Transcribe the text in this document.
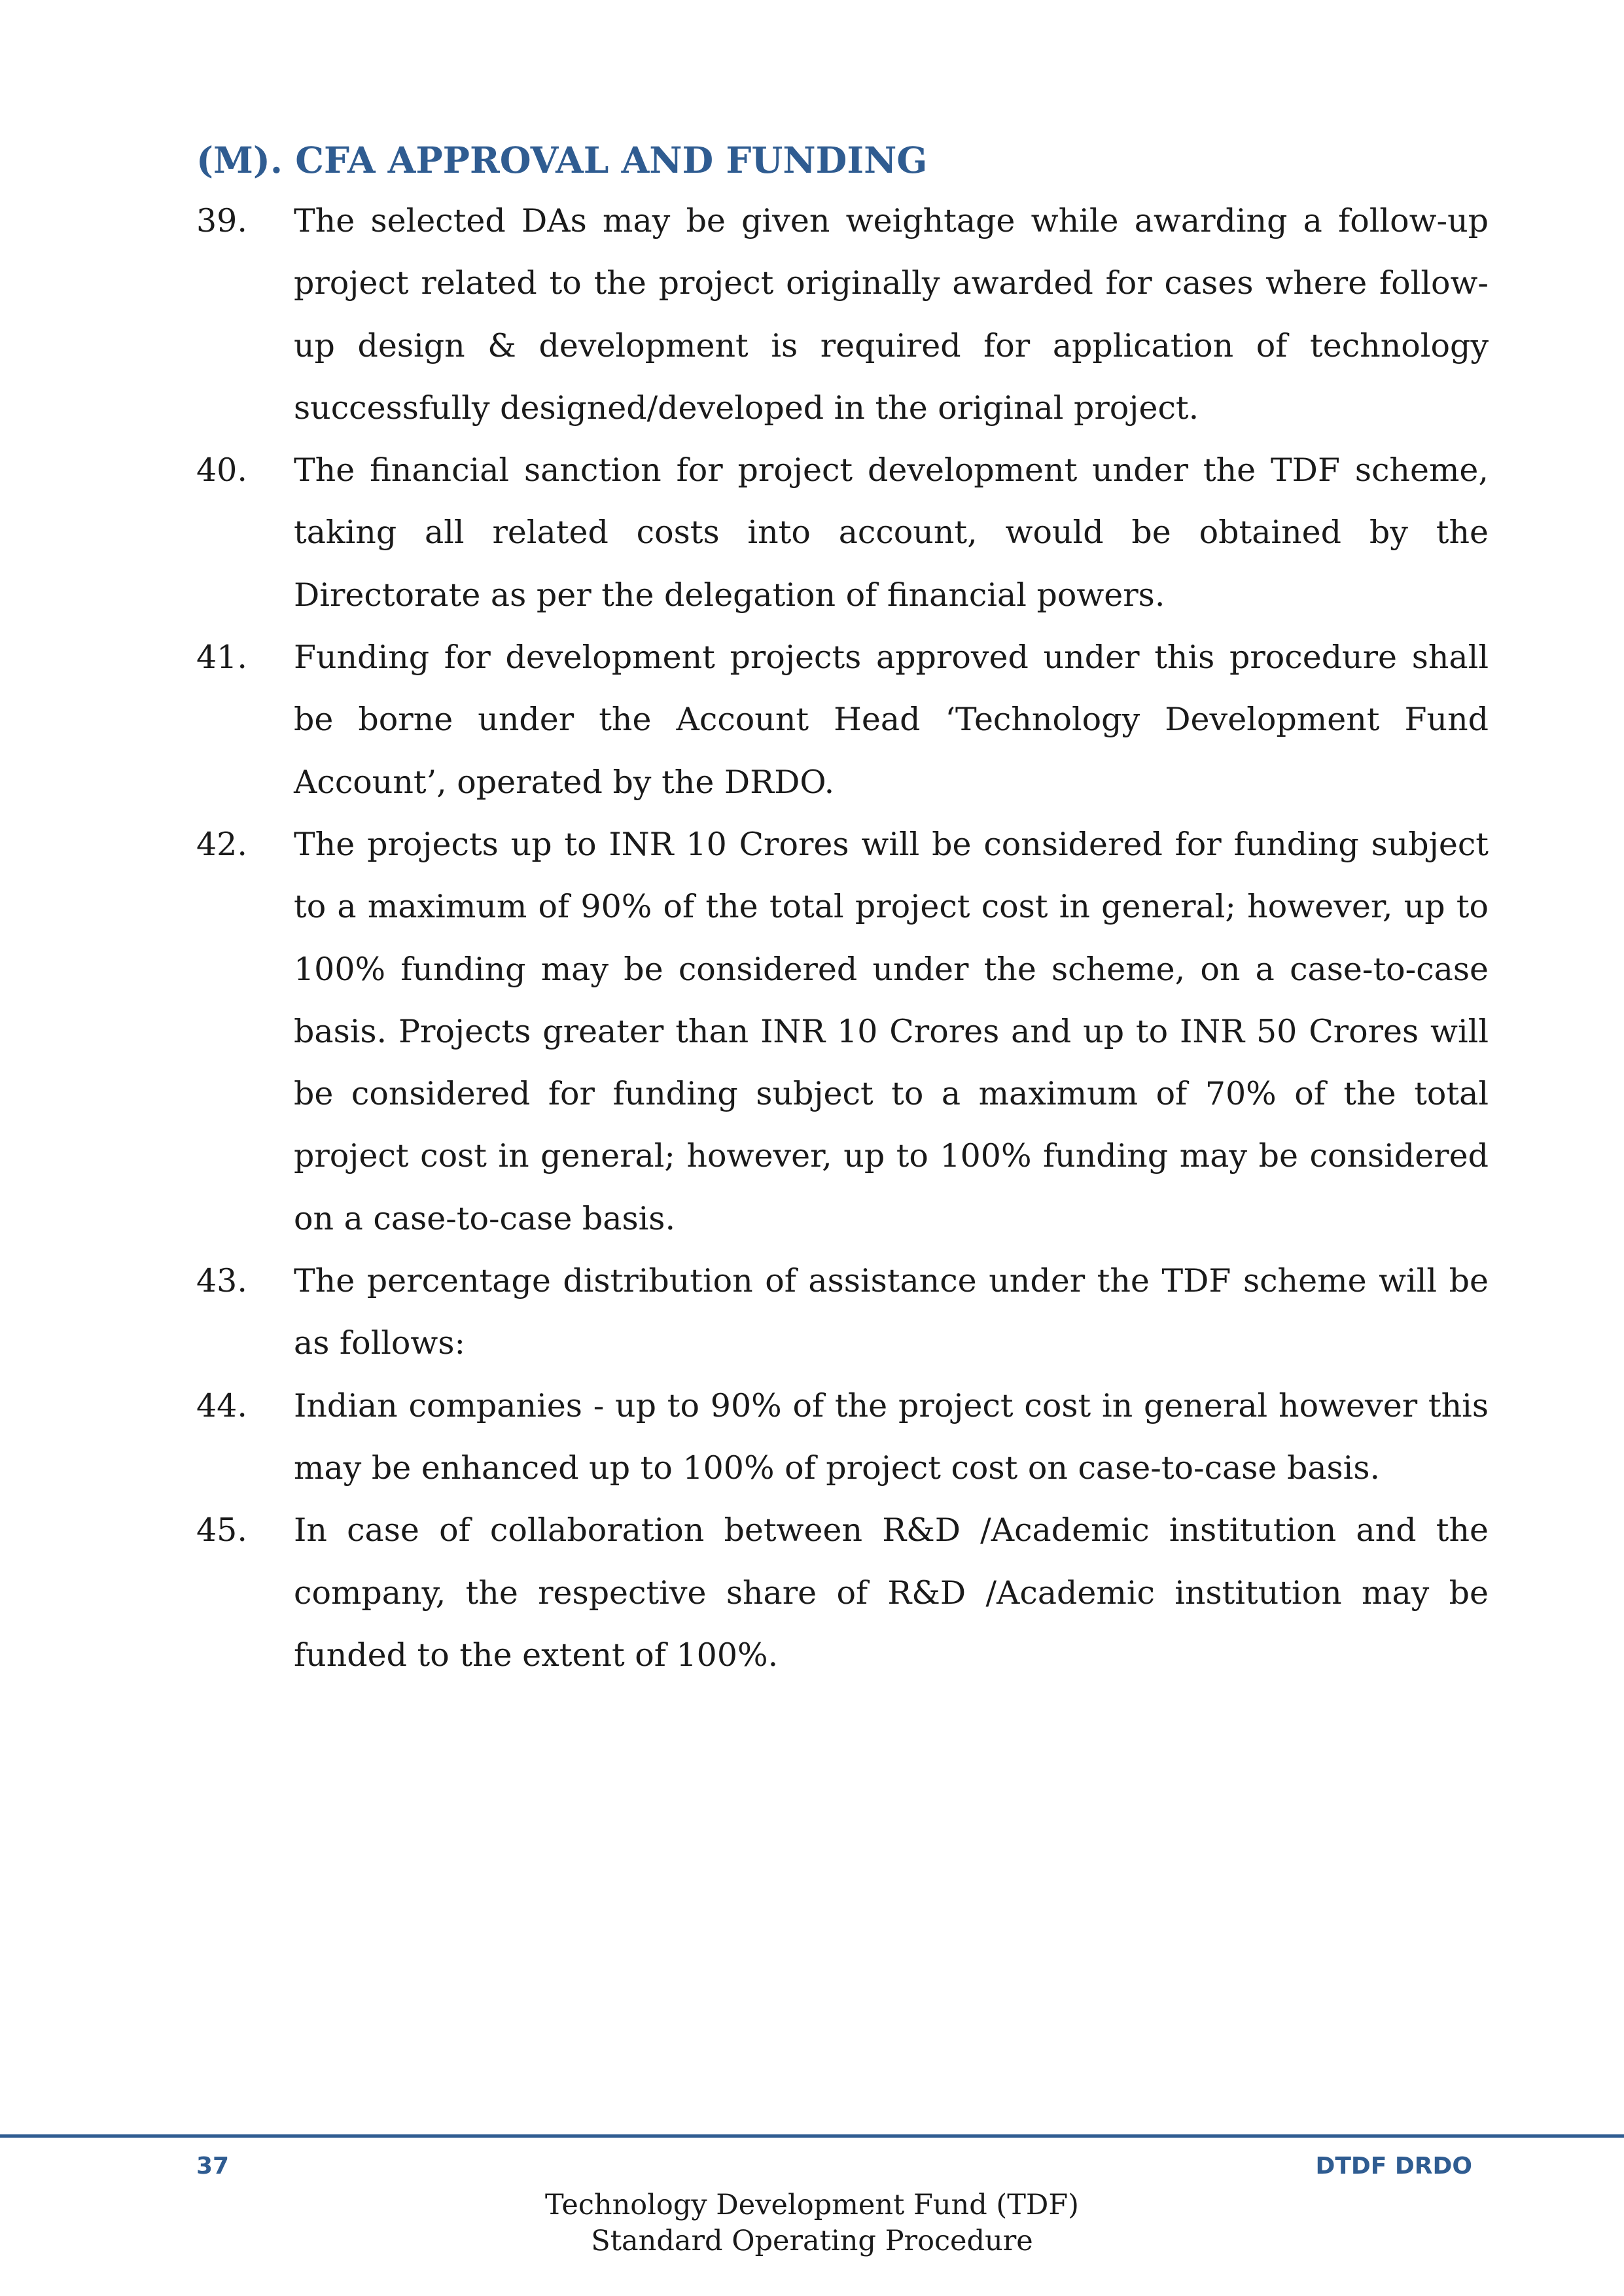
(M). CFA APPROVAL AND FUNDING
39. The selected DAs may be given weightage while awarding a follow-up project related to the project originally awarded for cases where follow-up design & development is required for application of technology successfully designed/developed in the original project.
40. The financial sanction for project development under the TDF scheme, taking all related costs into account, would be obtained by the Directorate as per the delegation of financial powers.
41. Funding for development projects approved under this procedure shall be borne under the Account Head ‘Technology Development Fund Account’, operated by the DRDO.
42. The projects up to INR 10 Crores will be considered for funding subject to a maximum of 90% of the total project cost in general; however, up to 100% funding may be considered under the scheme, on a case-to-case basis. Projects greater than INR 10 Crores and up to INR 50 Crores will be considered for funding subject to a maximum of 70% of the total project cost in general; however, up to 100% funding may be considered on a case-to-case basis.
43. The percentage distribution of assistance under the TDF scheme will be as follows:
44. Indian companies - up to 90% of the project cost in general however this may be enhanced up to 100% of project cost on case-to-case basis.
45. In case of collaboration between R&D /Academic institution and the company, the respective share of R&D /Academic institution may be funded to the extent of 100%.
37	DTDF DRDO
Technology Development Fund (TDF)
Standard Operating Procedure
